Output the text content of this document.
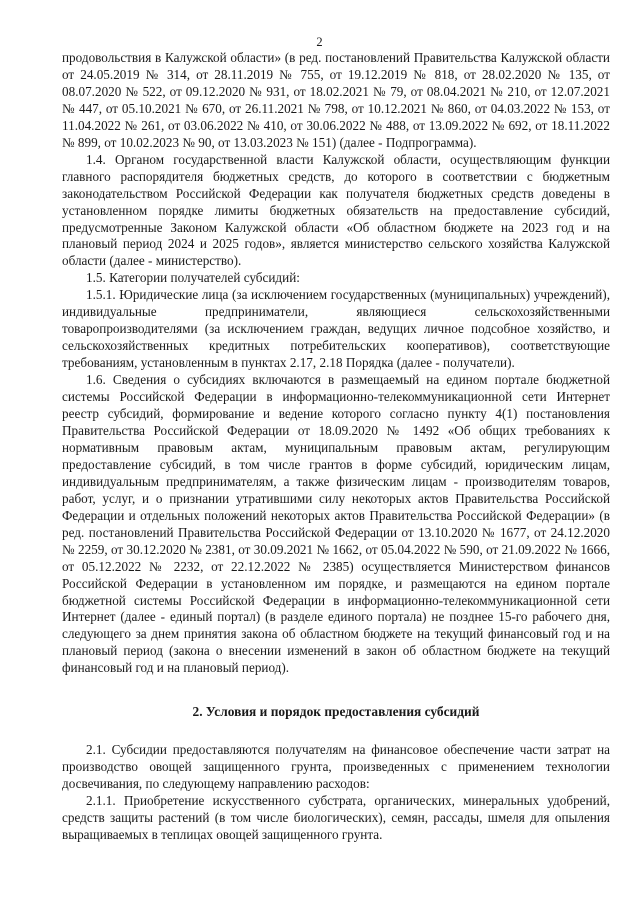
2

продовольствия в Калужской области» (в ред. постановлений Правительства Калужской области от 24.05.2019 № 314, от 28.11.2019 № 755, от 19.12.2019 № 818, от 28.02.2020 № 135, от 08.07.2020 № 522, от 09.12.2020 № 931, от 18.02.2021 № 79, от 08.04.2021 № 210, от 12.07.2021 № 447, от 05.10.2021 № 670, от 26.11.2021 № 798, от 10.12.2021 № 860, от 04.03.2022 № 153, от 11.04.2022 № 261, от 03.06.2022 № 410, от 30.06.2022 № 488, от 13.09.2022 № 692, от 18.11.2022 № 899, от 10.02.2023 № 90, от 13.03.2023 № 151) (далее - Подпрограмма).

1.4. Органом государственной власти Калужской области, осуществляющим функции главного распорядителя бюджетных средств, до которого в соответствии с бюджетным законодательством Российской Федерации как получателя бюджетных средств доведены в установленном порядке лимиты бюджетных обязательств на предоставление субсидий, предусмотренные Законом Калужской области «Об областном бюджете на 2023 год и на плановый период 2024 и 2025 годов», является министерство сельского хозяйства Калужской области (далее - министерство).

1.5. Категории получателей субсидий:

1.5.1. Юридические лица (за исключением государственных (муниципальных) учреждений), индивидуальные предприниматели, являющиеся сельскохозяйственными товаропроизводителями (за исключением граждан, ведущих личное подсобное хозяйство, и сельскохозяйственных кредитных потребительских кооперативов), соответствующие требованиям, установленным в пунктах 2.17, 2.18 Порядка (далее - получатели).

1.6. Сведения о субсидиях включаются в размещаемый на едином портале бюджетной системы Российской Федерации в информационно-телекоммуникационной сети Интернет реестр субсидий, формирование и ведение которого согласно пункту 4(1) постановления Правительства Российской Федерации от 18.09.2020 № 1492 «Об общих требованиях к нормативным правовым актам, муниципальным правовым актам, регулирующим предоставление субсидий, в том числе грантов в форме субсидий, юридическим лицам, индивидуальным предпринимателям, а также физическим лицам - производителям товаров, работ, услуг, и о признании утратившими силу некоторых актов Правительства Российской Федерации и отдельных положений некоторых актов Правительства Российской Федерации» (в ред. постановлений Правительства Российской Федерации от 13.10.2020 № 1677, от 24.12.2020 № 2259, от 30.12.2020 № 2381, от 30.09.2021 № 1662, от 05.04.2022 № 590, от 21.09.2022 № 1666, от 05.12.2022 № 2232, от 22.12.2022 № 2385) осуществляется Министерством финансов Российской Федерации в установленном им порядке, и размещаются на едином портале бюджетной системы Российской Федерации в информационно-телекоммуникационной сети Интернет (далее - единый портал) (в разделе единого портала) не позднее 15-го рабочего дня, следующего за днем принятия закона об областном бюджете на текущий финансовый год и на плановый период (закона о внесении изменений в закон об областном бюджете на текущий финансовый год и на плановый период).

2. Условия и порядок предоставления субсидий

2.1. Субсидии предоставляются получателям на финансовое обеспечение части затрат на производство овощей защищенного грунта, произведенных с применением технологии досвечивания, по следующему направлению расходов:

2.1.1. Приобретение искусственного субстрата, органических, минеральных удобрений, средств защиты растений (в том числе биологических), семян, рассады, шмеля для опыления выращиваемых в теплицах овощей защищенного грунта.
